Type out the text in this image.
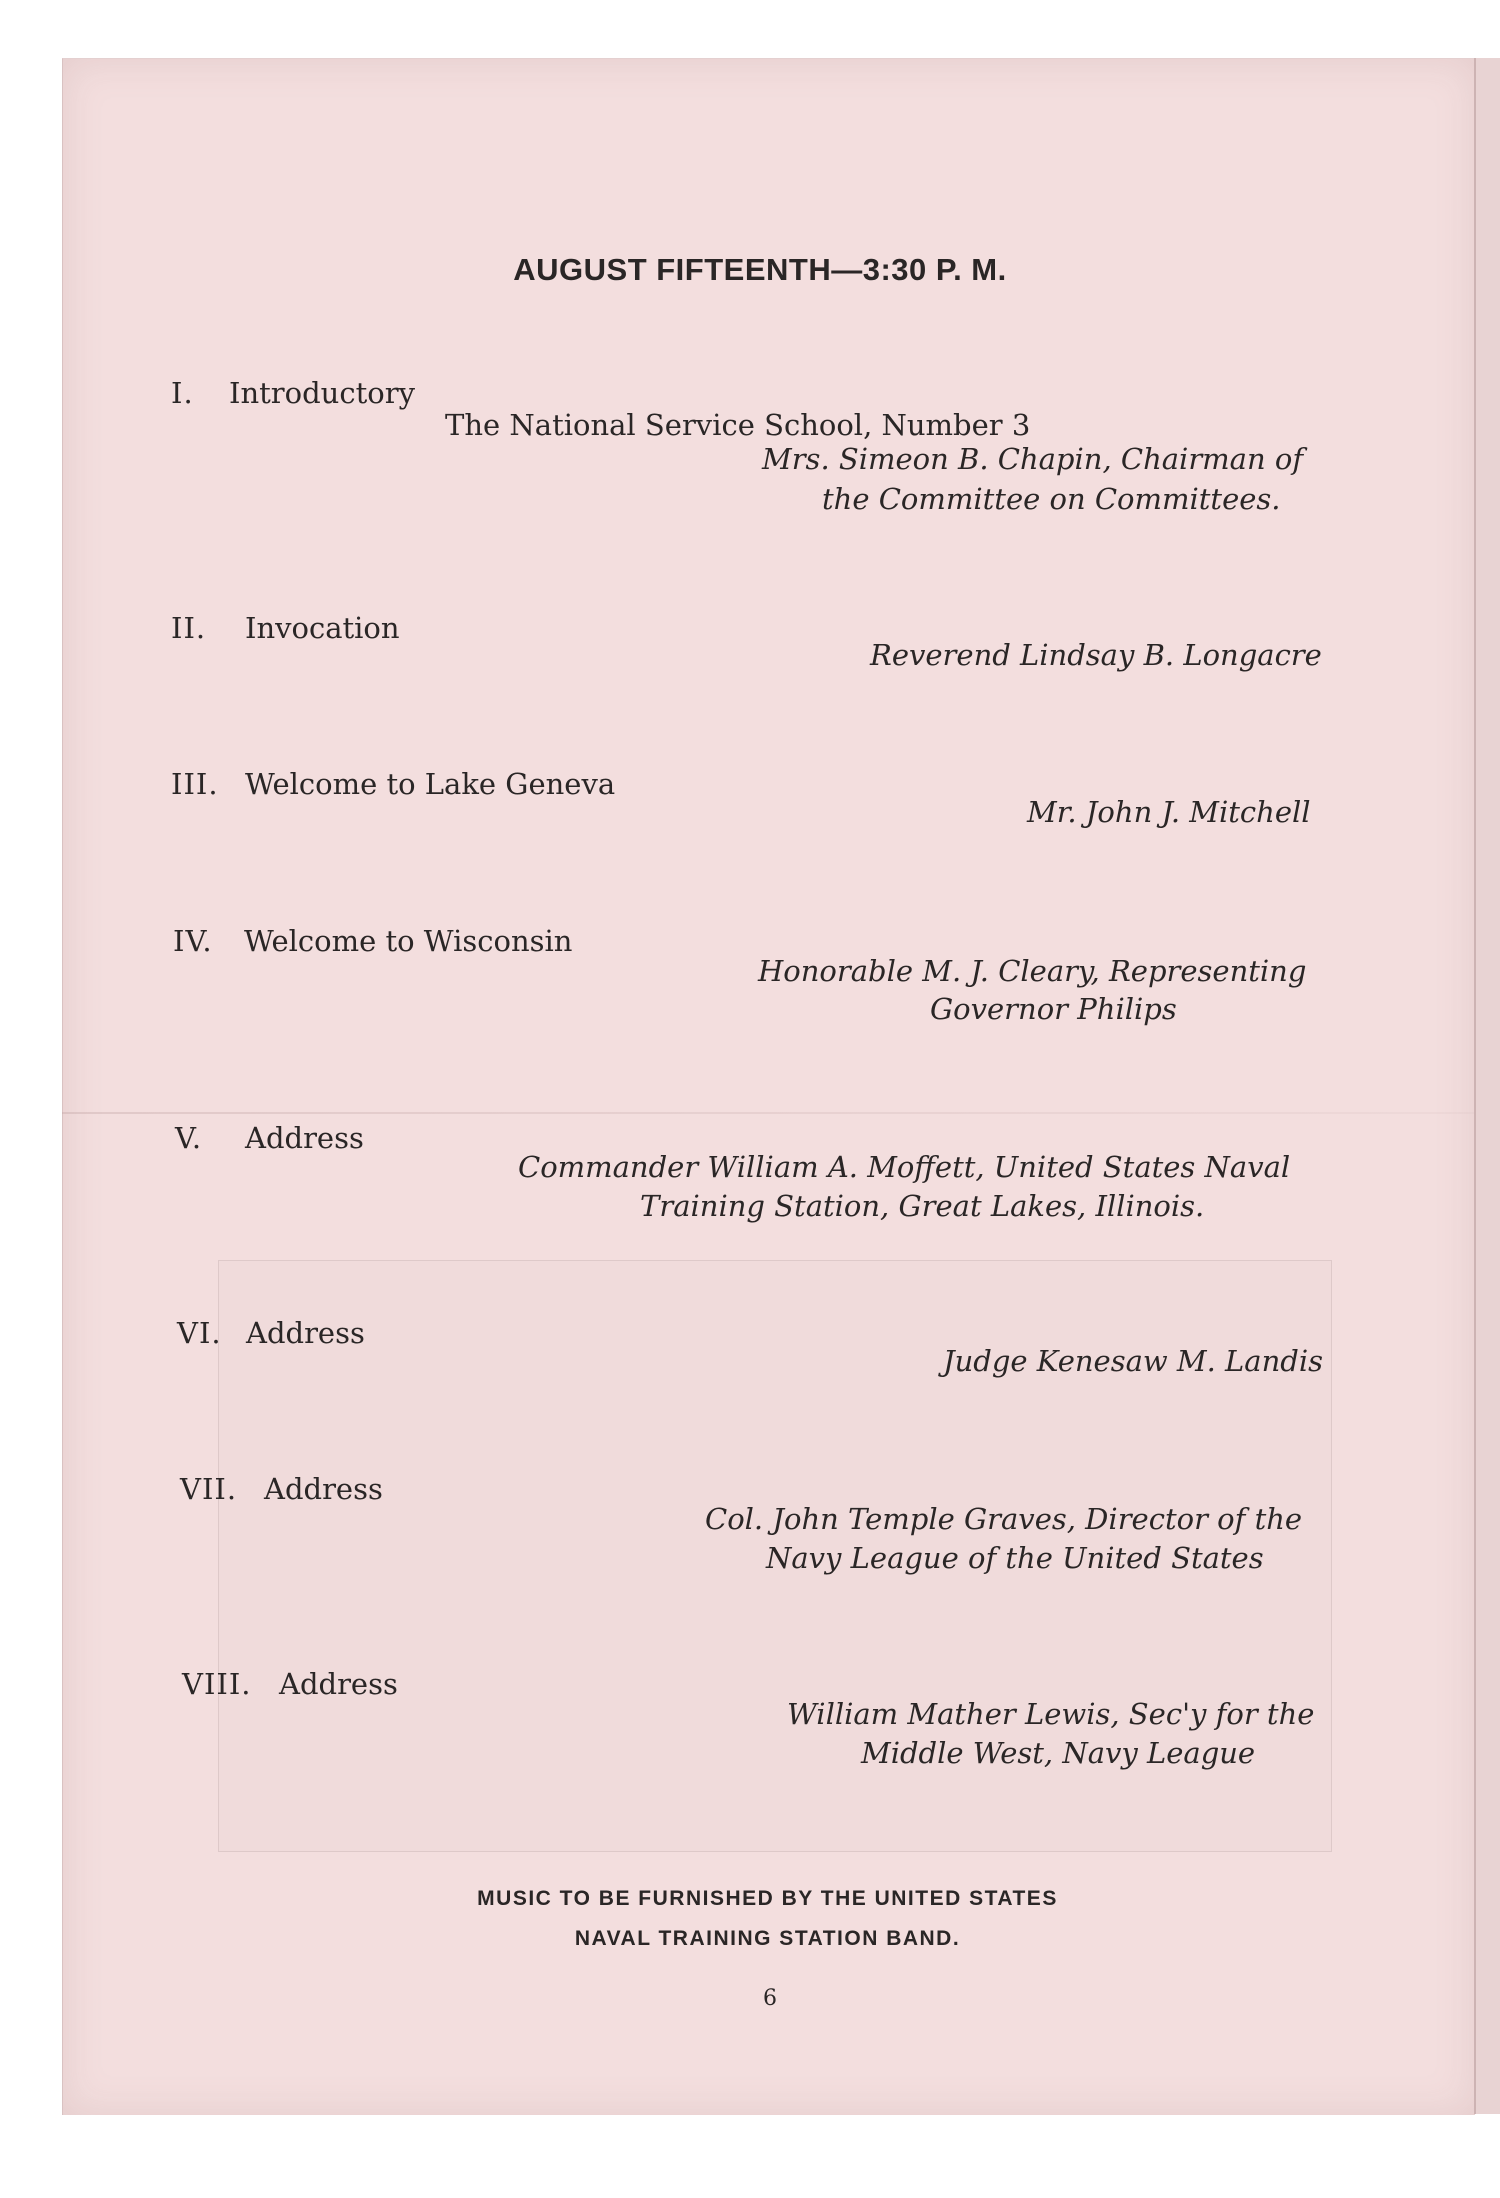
AUGUST FIFTEENTH—3:30 P. M.
I. Introductory
The National Service School, Number 3
Mrs. Simeon B. Chapin, Chairman of
the Committee on Committees.
II. Invocation
Reverend Lindsay B. Longacre
III. Welcome to Lake Geneva
Mr. John J. Mitchell
IV. Welcome to Wisconsin
Honorable M. J. Cleary, Representing
Governor Philips
V. Address
Commander William A. Moffett, United States Naval
Training Station, Great Lakes, Illinois.
VI. Address
Judge Kenesaw M. Landis
VII. Address
Col. John Temple Graves, Director of the
Navy League of the United States
VIII. Address
William Mather Lewis, Sec'y for the
Middle West, Navy League
MUSIC TO BE FURNISHED BY THE UNITED STATES
NAVAL TRAINING STATION BAND.
6
